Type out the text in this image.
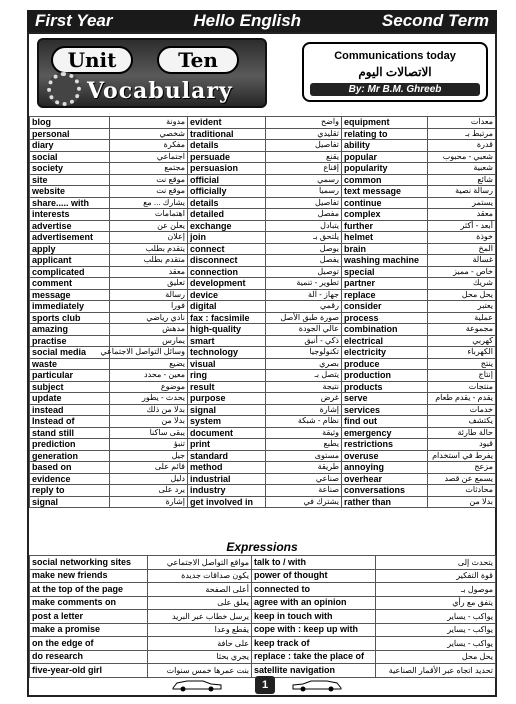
First Year	Hello English	Second Term
Unit	Ten
Vocabulary
Communications today
الاتصالات اليوم
By: Mr B.M. Ghreeb
blog	مدونة	evident	واضح	equipment	معدات
personal	شخصي	traditional	تقليدي	relating to	مرتبط بـ
diary	مفكرة	details	تفاصيل	ability	قدرة
social	اجتماعي	persuade	يقنع	popular	شعبي - محبوب
society	مجتمع	persuasion	إقناع	popularity	شعبية
site	موقع نت	official	رسمي	common	شائع
website	موقع نت	officially	رسميا	text message	رسالة نصية
share..... with	يشارك ... مع	details	تفاصيل	continue	يستمر
interests	اهتمامات	detailed	مفصل	complex	معقد
advertise	يعلن عن	exchange	يتبادل	further	أبعد - أكثر
advertisement	إعلان	join	يلتحق بـ	helmet	خوذة
apply	يتقدم بطلب	connect	يوصل	brain	المخ
applicant	متقدم بطلب	disconnect	يفصل	washing machine	غسالة
complicated	معقد	connection	توصيل	special	خاص - مميز
comment	تعليق	development	تطوير - تنمية	partner	شريك
message	رسالة	device	جهاز - آلة	replace	يحل محل
immediately	فورا	digital	رقمي	consider	يعتبر
sports club	نادي رياضي	fax : facsimile	صورة طبق الأصل	process	عملية
amazing	مدهش	high-quality	عالي الجودة	combination	مجموعة
practise	يمارس	smart	ذكي - أنيق	electrical	كهربي
social media	وسائل التواصل الاجتماعي	technology	تكنولوجيا	electricity	الكهرباء
waste	يضيع	visual	بصري	produce	ينتج
particular	معين - محدد	ring	يتصل بـ	production	إنتاج
subject	موضوع	result	نتيجة	products	منتجات
update	يحدث - يطور	purpose	غرض	serve	يقدم - يقدم طعام
instead	بدلا من ذلك	signal	إشارة	services	خدمات
Instead of	بدلا من	system	نظام - شبكة	find out	يكتشف
stand still	يبقى ساكنا	document	وثيقة	emergency	حالة طارئة
prediction	تنبؤ	print	يطبع	restrictions	قيود
generation	جيل	standard	مستوى	overuse	يفرط في استخدام
based on	قائم على	method	طريقة	annoying	مزعج
evidence	دليل	industrial	صناعي	overhear	يسمع عن قصد
reply to	يرد على	industry	صناعة	conversations	محادثات
signal	إشارة	get involved in	يشترك في	rather than	بدلا من
Expressions
social networking sites	مواقع التواصل الاجتماعي	talk to / with	يتحدث إلى
make new friends	يكون صداقات جديدة	power of thought	قوة التفكير
at the top of the page	أعلى الصفحة	connected to	موصول بـ
make comments on	يعلق على	agree with an opinion	يتفق مع رأي
post a letter	يرسل خطاب عبر البريد	keep in touch with	يواكب - يساير
make a promise	يقطع وعدا	cope with : keep up with	يواكب - يساير
on the edge of	على حافة	keep track of	يواكب - يساير
do research	يجري بحثا	replace : take the place of	يحل محل
five-year-old girl	بنت عمرها خمس سنوات	satellite navigation	تحديد اتجاه عبر الأقمار الصناعية
1
